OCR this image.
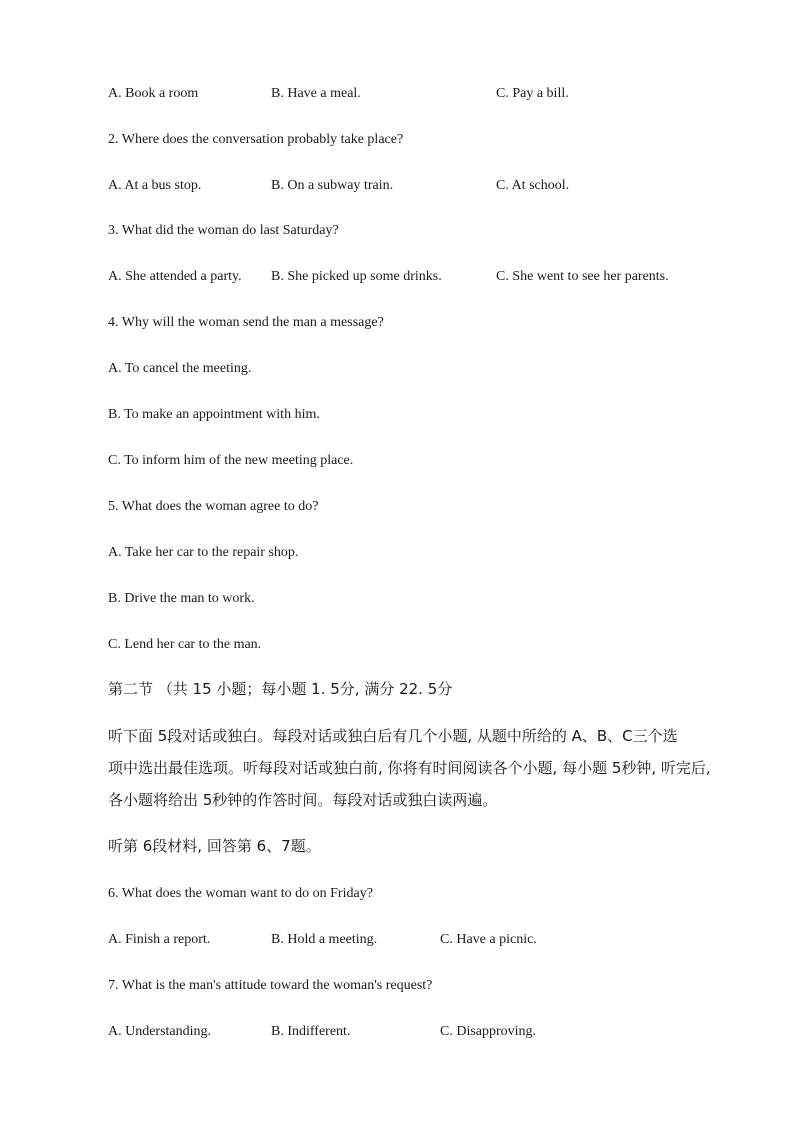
A. Book a room	B. Have a meal.	C. Pay a bill.
2. Where does the conversation probably take place?
A. At a bus stop.	B. On a subway train.	C. At school.
3. What did the woman do last Saturday?
A. She attended a party. B. She picked up some drinks.	C. She went to see her parents.
4. Why will the woman send the man a message?
A. To cancel the meeting.
B. To make an appointment with him.
C. To inform him of the new meeting place.
5. What does the woman agree to do?
A. Take her car to the repair shop.
B. Drive the man to work.
C. Lend her car to the man.
第二节 （共 15 小题；每小题 1. 5分, 满分 22. 5分
听下面 5段对话或独白。每段对话或独白后有几个小题, 从题中所给的 A、B、C三个选
项中选出最佳选项。听每段对话或独白前, 你将有时间阅读各个小题, 每小题 5秒钟, 听完后,
各小题将给出 5秒钟的作答时间。每段对话或独白读两遍。
听第 6段材料, 回答第 6、7题。
6. What does the woman want to do on Friday?
A. Finish a report.	B. Hold a meeting.	C. Have a picnic.
7. What is the man's attitude toward the woman's request?
A. Understanding.	B. Indifferent.	C. Disapproving.
